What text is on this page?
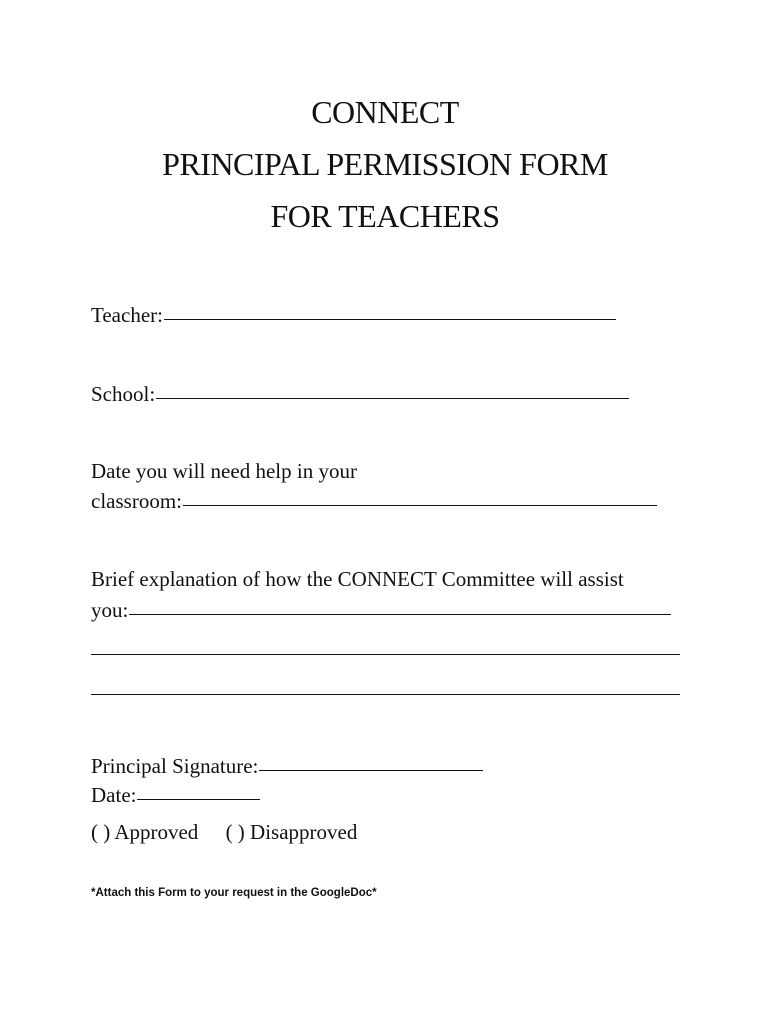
CONNECT
PRINCIPAL PERMISSION FORM
FOR TEACHERS
Teacher:
School:
Date you will need help in your
classroom:
Brief explanation of how the CONNECT Committee will assist
you:
Principal Signature:
Date:
( ) Approved ( ) Disapproved
*Attach this Form to your request in the GoogleDoc*
